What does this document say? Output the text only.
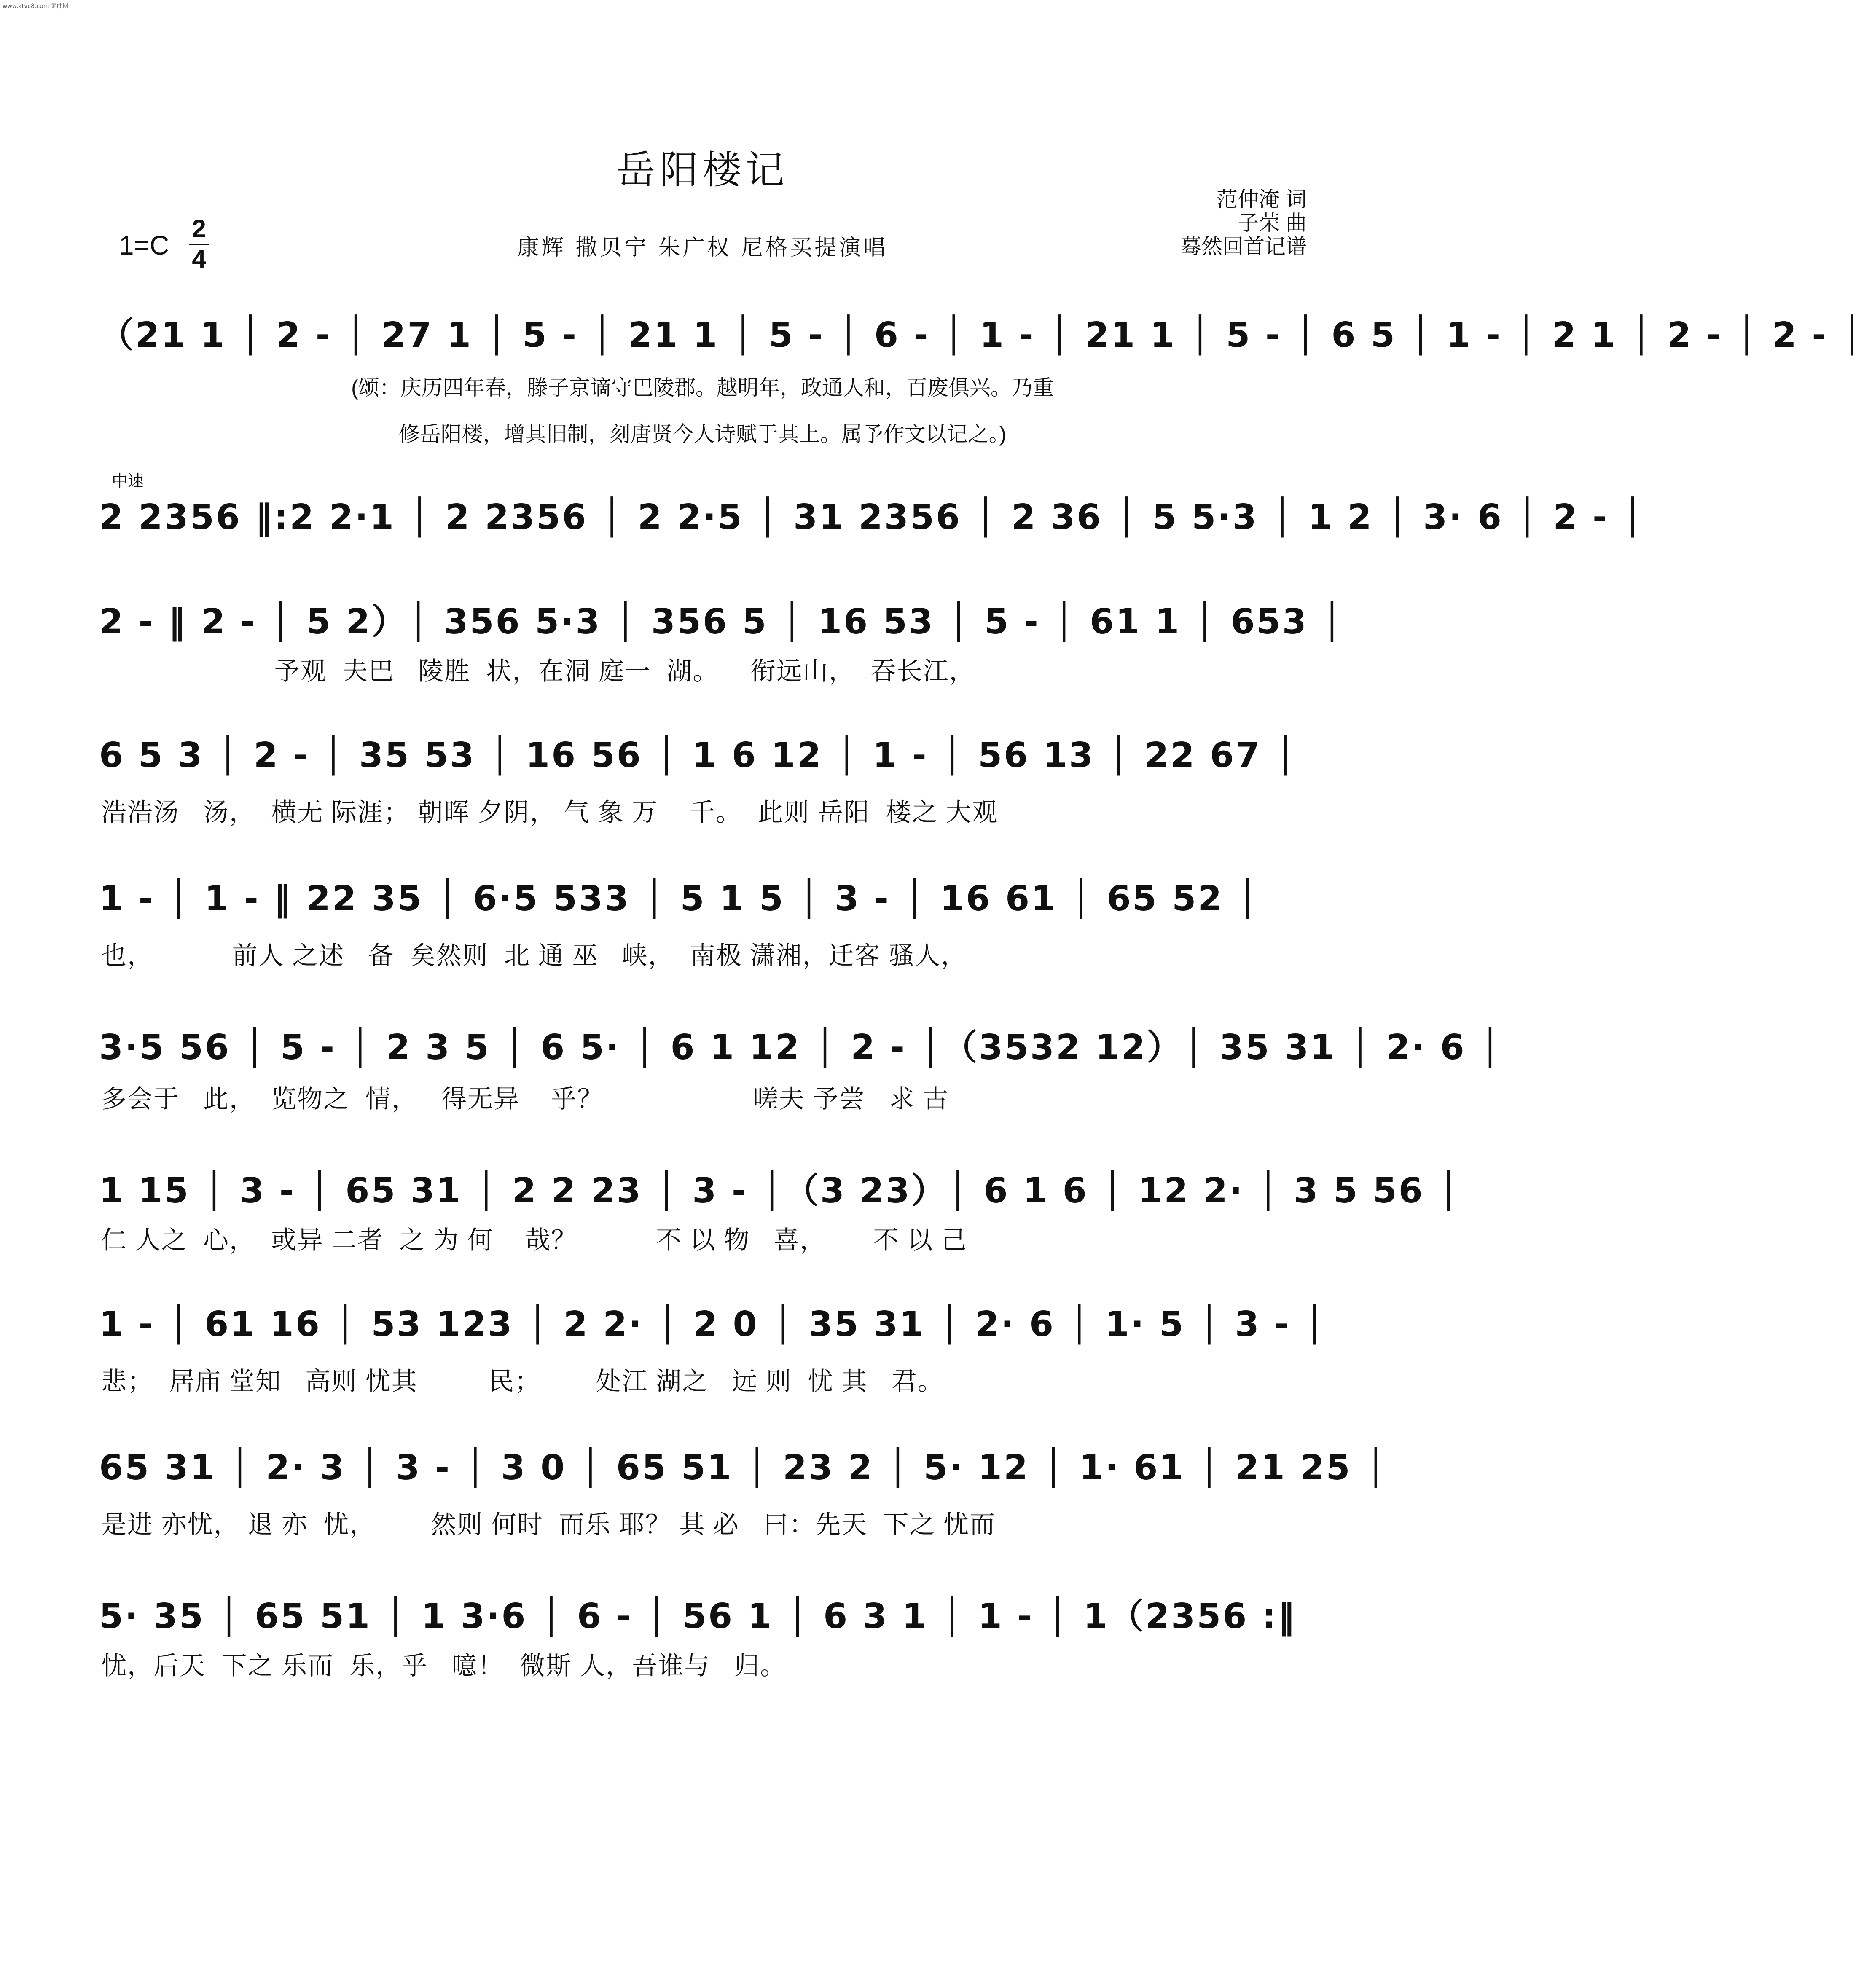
www.ktvc8.com 词曲网
岳阳楼记
1=C
2
4	康辉 撒贝宁 朱广权 尼格买提演唱
范仲淹 词
子荣 曲
蓦然回首记谱
(颂：庆历四年春，滕子京谪守巴陵郡。越明年，政通人和，百废俱兴。乃重
修岳阳楼，增其旧制，刻唐贤今人诗赋于其上。属予作文以记之。)
中速
（21 1 │ 2 - │ 27 1 │ 5 - │ 21 1 │ 5 - │ 6 - │ 1 - │ 21 1 │ 5 - │ 6 5 │ 1 - │ 2 1 │ 2 - │ 2 - │
2 2356 ‖:2 2·1 │ 2 2356 │ 2 2·5 │ 31 2356 │ 2 36 │ 5 5·3 │ 1 2 │ 3· 6 │ 2 - │
2 - ‖ 2 - │ 5 2）│ 356 5·3 │ 356 5 │ 16 53 │ 5 - │ 61 1 │ 653 │
予观  夫巴   陵胜  状，在洞 庭一  湖。    衔远山，  吞长江，
6 5 3 │ 2 - │ 35 53 │ 16 56 │ 1 6 12 │ 1 - │ 56 13 │ 22 67 │
浩浩汤   汤，  横无 际涯； 朝晖 夕阴， 气 象 万    千。  此则 岳阳  楼之 大观
1 - │ 1 - ‖ 22 35 │ 6·5 533 │ 5 1 5 │ 3 - │ 16 61 │ 65 52 │
也，          前人 之述   备  矣然则  北 通 巫   峡，  南极 潇湘，迁客 骚人，
3·5 56 │ 5 - │ 2 3 5 │ 6 5· │ 6 1 12 │ 2 - │（3532 12）│ 35 31 │ 2· 6 │
多会于   此，  览物之  情，   得无异    乎？                   嗟夫 予尝   求 古
1 15 │ 3 - │ 65 31 │ 2 2 23 │ 3 - │（3 23）│ 6 1 6 │ 12 2· │ 3 5 56 │
仁 人之  心，  或异 二者  之 为 何    哉？          不 以 物   喜，      不 以 己
1 - │ 61 16 │ 53 123 │ 2 2· │ 2 0 │ 35 31 │ 2· 6 │ 1· 5 │ 3 - │
悲；  居庙 堂知   高则 忧其         民；       处江 湖之   远 则  忧 其   君。
65 31 │ 2· 3 │ 3 - │ 3 0 │ 65 51 │ 23 2 │ 5· 12 │ 1· 61 │ 21 25 │
是进 亦忧， 退 亦  忧，       然则 何时  而乐 耶？ 其 必   曰：先天  下之 忧而
5· 35 │ 65 51 │ 1 3·6 │ 6 - │ 56 1 │ 6 3 1 │ 1 - │ 1（2356 :‖
忧，后天  下之 乐而  乐，乎   噫！  微斯 人，吾谁与   归。
